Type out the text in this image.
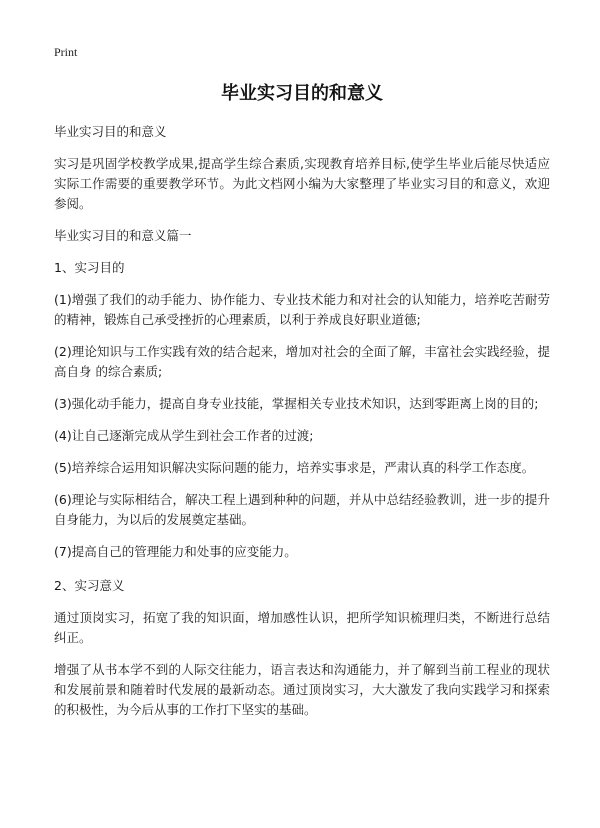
Print
毕业实习目的和意义

毕业实习目的和意义

实习是巩固学校教学成果,提高学生综合素质,实现教育培养目标,使学生毕业后能尽快适应实际工作需要的重要教学环节。为此文档网小编为大家整理了毕业实习目的和意义，欢迎参阅。

毕业实习目的和意义篇一

1、实习目的

(1)增强了我们的动手能力、协作能力、专业技术能力和对社会的认知能力，培养吃苦耐劳的精神，锻炼自己承受挫折的心理素质，以利于养成良好职业道德;

(2)理论知识与工作实践有效的结合起来，增加对社会的全面了解，丰富社会实践经验，提高自身 的综合素质;

(3)强化动手能力，提高自身专业技能，掌握相关专业技术知识，达到零距离上岗的目的;

(4)让自己逐渐完成从学生到社会工作者的过渡;

(5)培养综合运用知识解决实际问题的能力，培养实事求是，严肃认真的科学工作态度。

(6)理论与实际相结合，解决工程上遇到种种的问题，并从中总结经验教训，进一步的提升自身能力，为以后的发展奠定基础。

(7)提高自己的管理能力和处事的应变能力。

2、实习意义

通过顶岗实习，拓宽了我的知识面，增加感性认识，把所学知识梳理归类，不断进行总结纠正。

增强了从书本学不到的人际交往能力，语言表达和沟通能力，并了解到当前工程业的现状和发展前景和随着时代发展的最新动态。通过顶岗实习，大大激发了我向实践学习和探索的积极性，为今后从事的工作打下坚实的基础。
